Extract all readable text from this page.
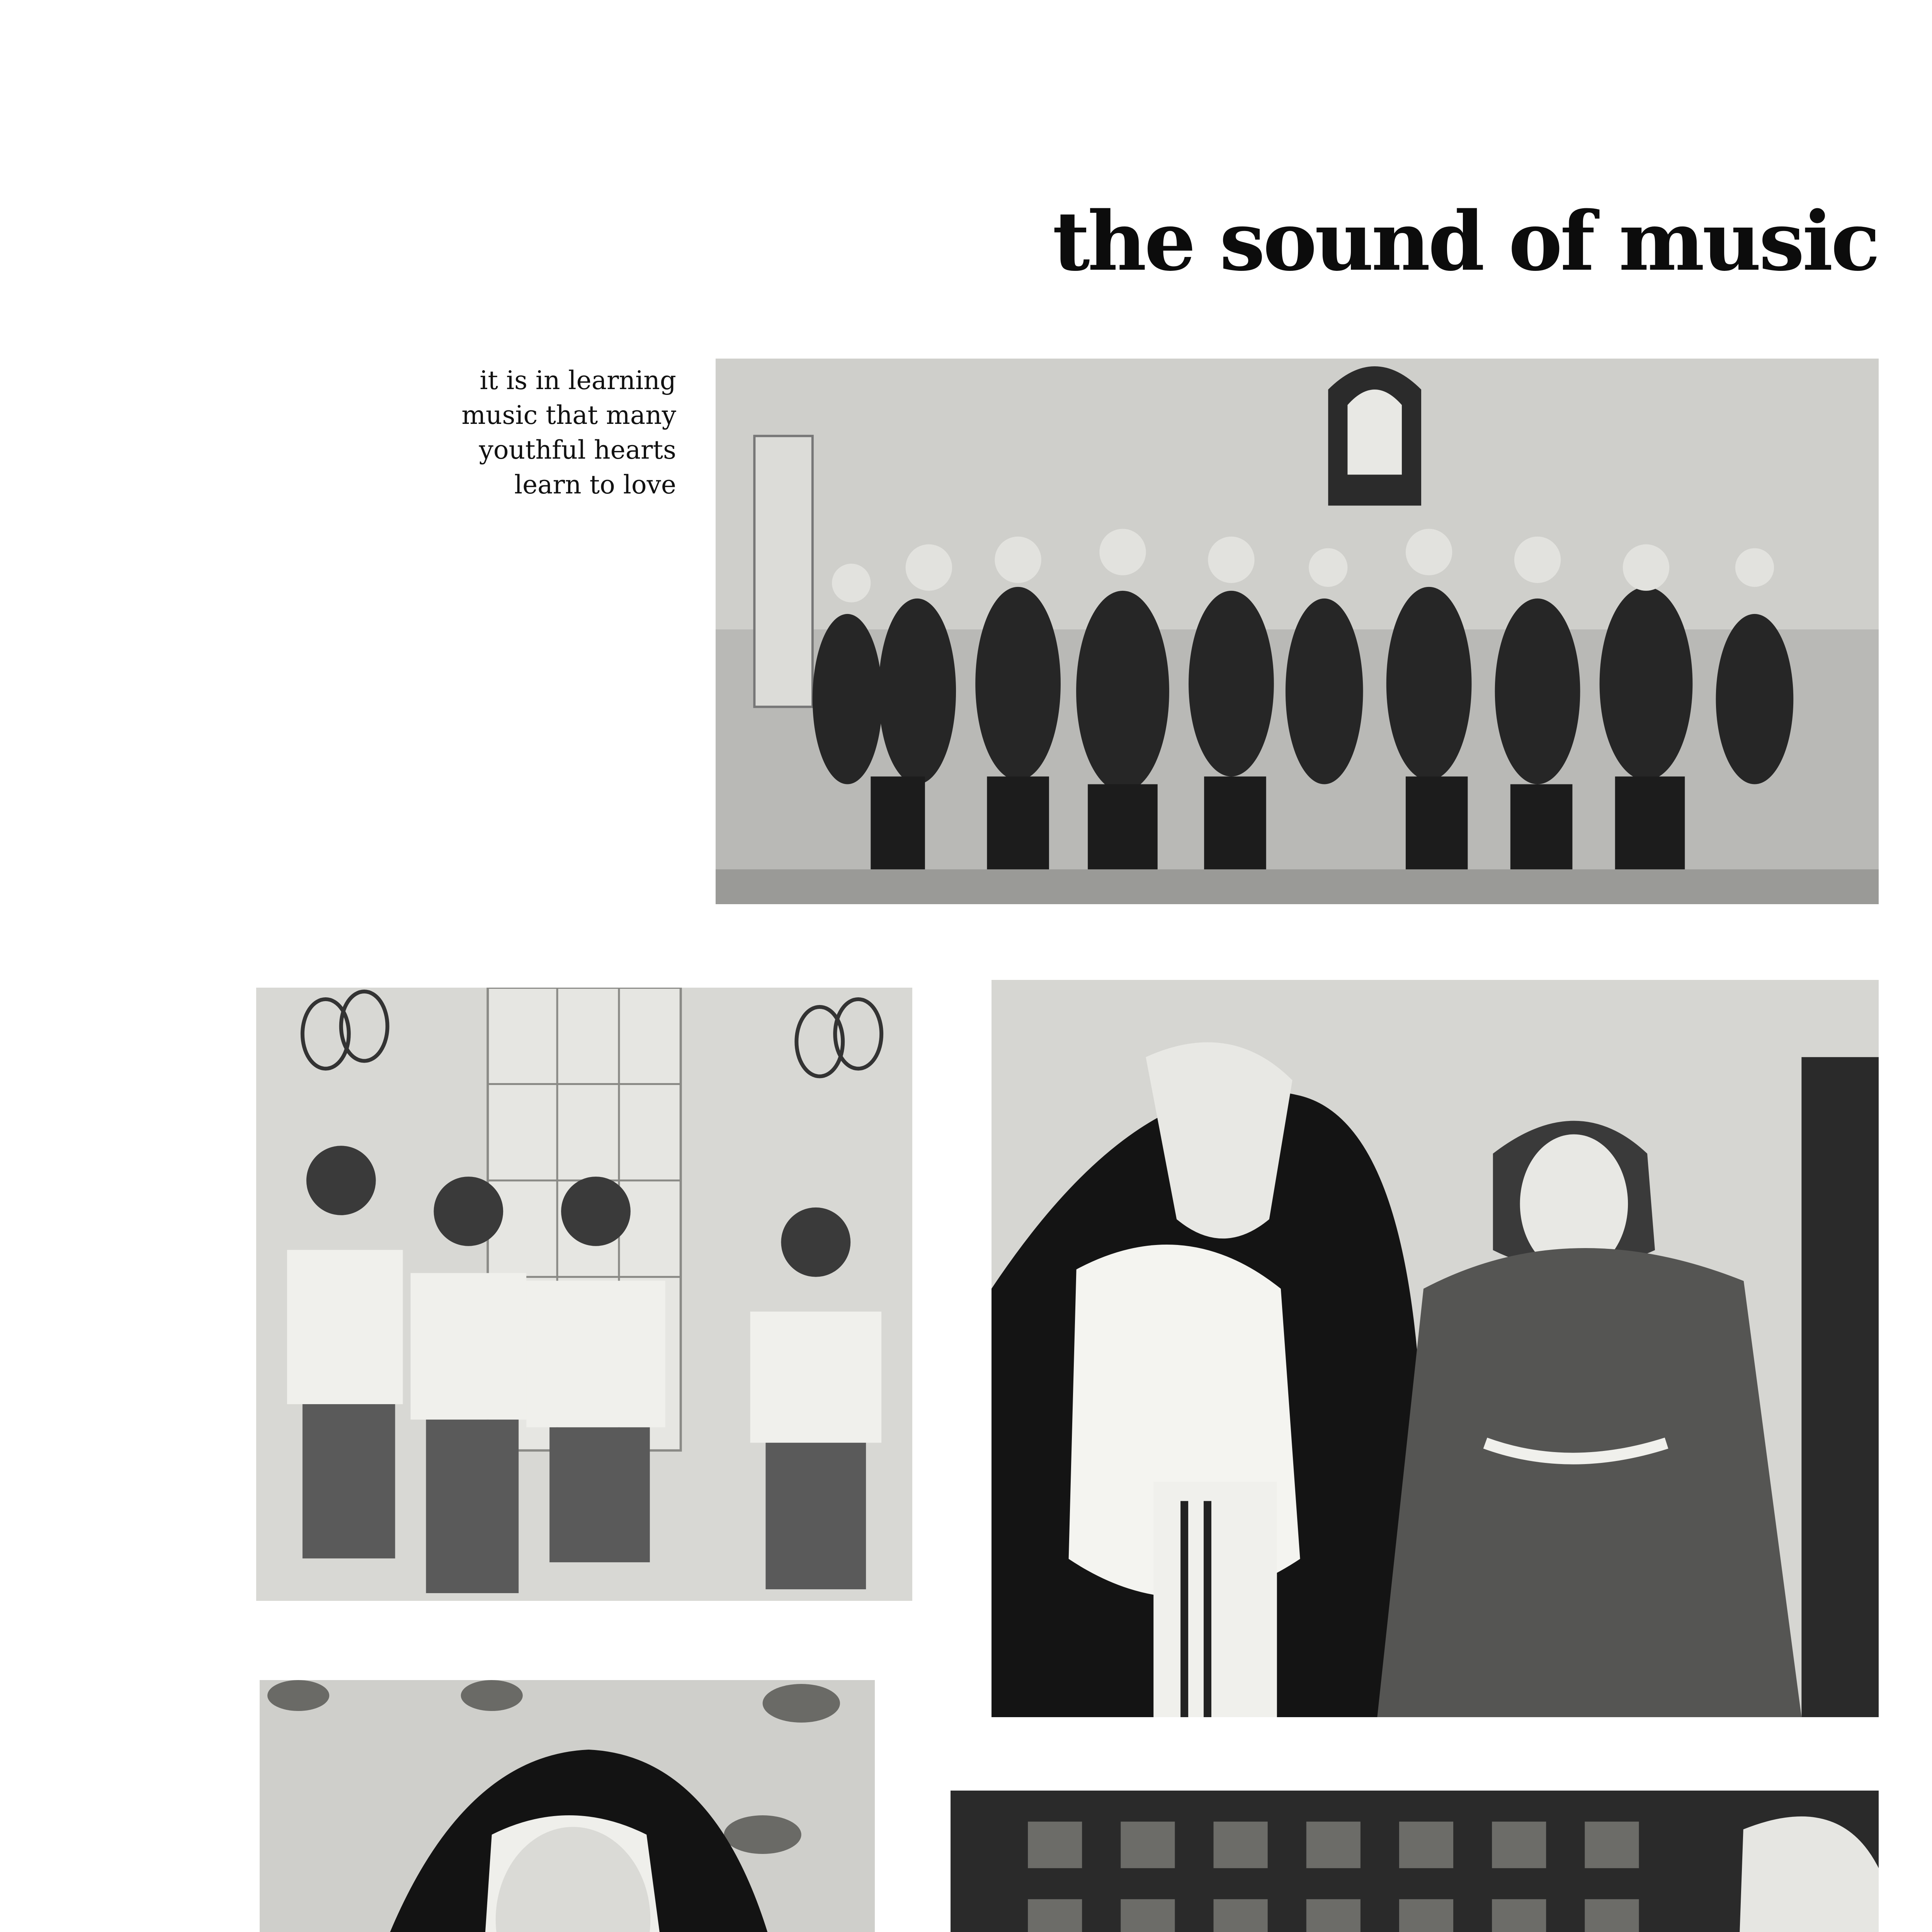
the sound of music
it is in learning
music that many
youthful hearts
learn to love
